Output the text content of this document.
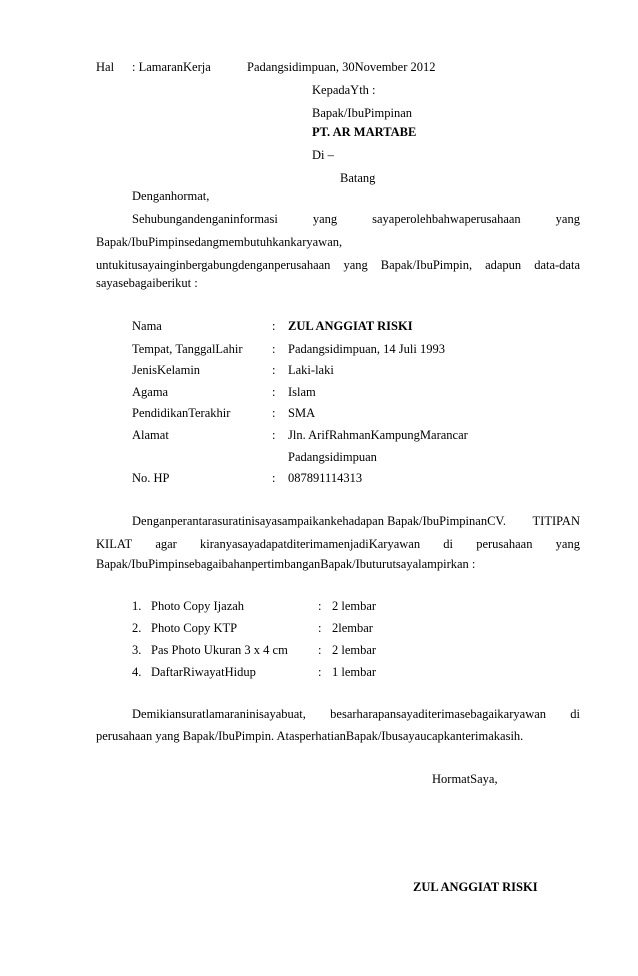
Hal : LamaranKerja	Padangsidimpuan, 30November 2012
KepadaYth :
Bapak/IbuPimpinan
PT. AR MARTABE
Di –
Batang
Denganhormat,
Sehubungandenganinformasi	yang	sayaperolehbahwaperusahaan	yang
Bapak/IbuPimpinsedangmembutuhkankaryawan,
untukitusayainginbergabungdenganperusahaan yang Bapak/IbuPimpin, adapun data-data
sayasebagaiberikut :
Nama	: ZUL ANGGIAT RISKI
Tempat, TanggalLahir : Padangsidimpuan, 14 Juli 1993
JenisKelamin	: Laki-laki
Agama	: Islam
PendidikanTerakhir	: SMA
Alamat	: Jln. ArifRahmanKampungMarancar
Padangsidimpuan
No. HP	: 087891114313
Denganperantarasuratinisayasampaikankehadapan Bapak/IbuPimpinanCV. TITIPAN
KILAT agar kiranyasayadapatditerimamenjadiKaryawan di perusahaan yang
Bapak/IbuPimpinsebagaibahanpertimbanganBapak/Ibuturutsayalampirkan :
1. Photo Copy Ijazah	: 2 lembar
2. Photo Copy KTP	: 2lembar
3. Pas Photo Ukuran 3 x 4 cm : 2 lembar
4. DaftarRiwayatHidup	: 1 lembar
Demikiansuratlamaraninisayabuat, besarharapansayaditerimasebagaikaryawan di
perusahaan yang Bapak/IbuPimpin. AtasperhatianBapak/Ibusayaucapkanterimakasih.
HormatSaya,
ZUL ANGGIAT RISKI
